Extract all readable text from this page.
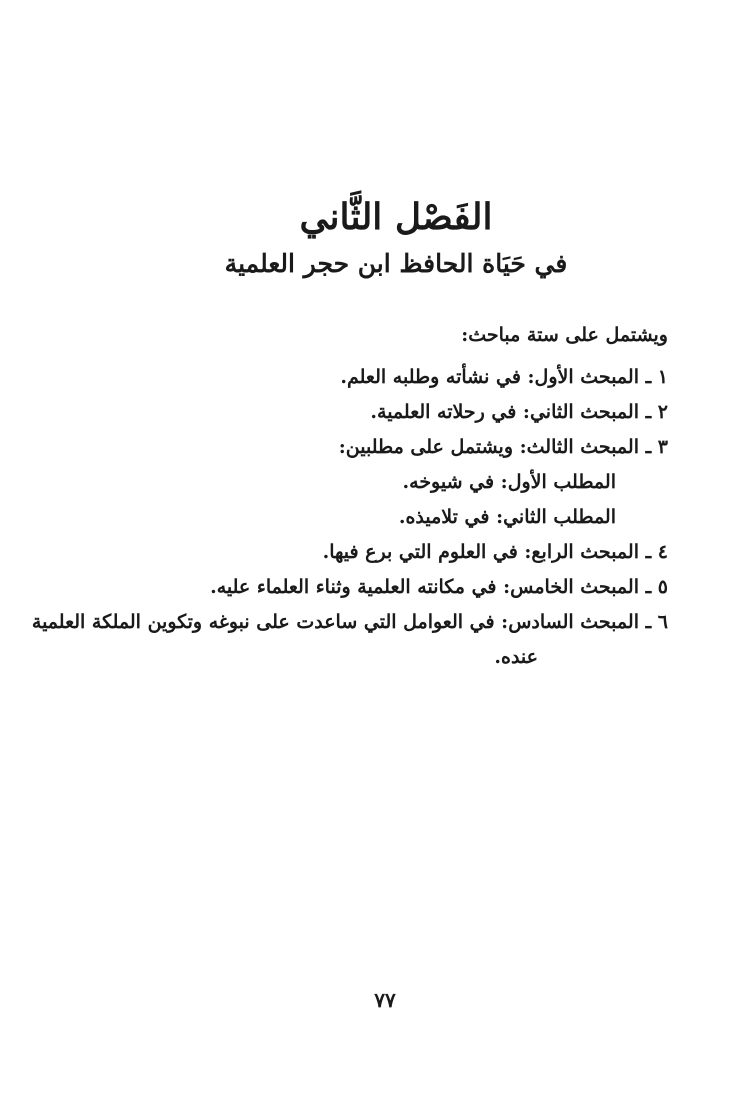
الفَصْل الثَّاني
في حَيَاة الحافظ ابن حجر العلمية

ويشتمل على ستة مباحث:

١ ـ المبحث الأول: في نشأته وطلبه العلم.

٢ ـ المبحث الثاني: في رحلاته العلمية.

٣ ـ المبحث الثالث: ويشتمل على مطلبين:

المطلب الأول: في شيوخه.

المطلب الثاني: في تلاميذه.

٤ ـ المبحث الرابع: في العلوم التي برع فيها.

٥ ـ المبحث الخامس: في مكانته العلمية وثناء العلماء عليه.

٦ ـ المبحث السادس: في العوامل التي ساعدت على نبوغه وتكوين الملكة العلمية

عنده.

٧٧
